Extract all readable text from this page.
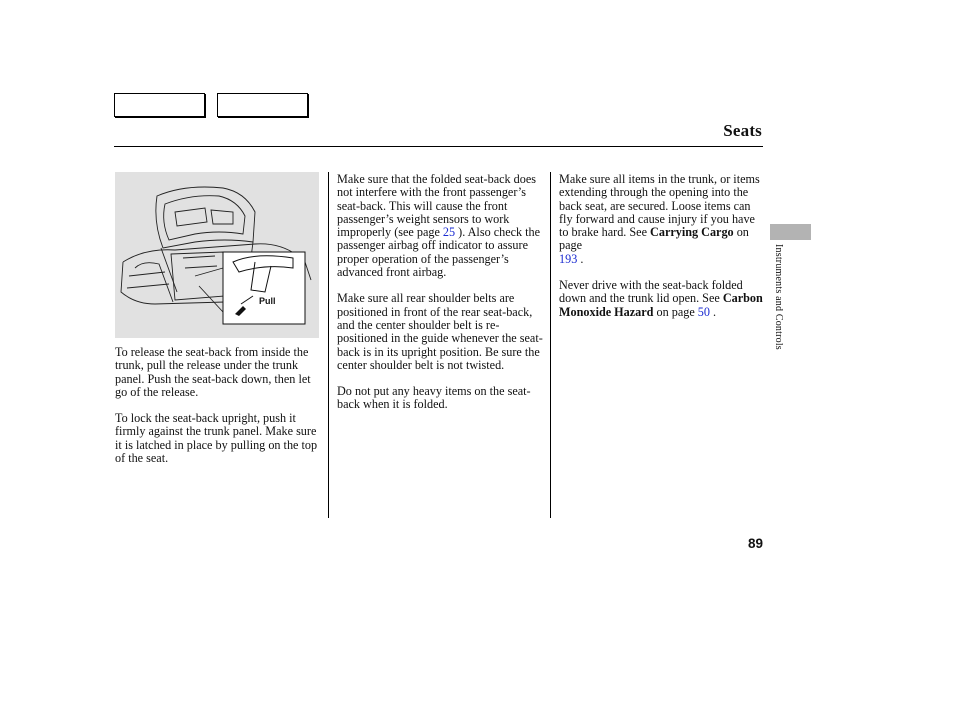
Seats
Pull

To release the seat-back from inside the trunk, pull the release under the trunk panel. Push the seat-back down, then let go of the release.

To lock the seat-back upright, push it firmly against the trunk panel. Make sure it is latched in place by pulling on the top of the seat.

Make sure that the folded seat-back does not interfere with the front passenger’s seat-back. This will cause the front passenger’s weight sensors to work improperly (see page 25 ). Also check the passenger airbag off indicator to assure proper operation of the passenger’s advanced front airbag.

Make sure all rear shoulder belts are positioned in front of the rear seat-back, and the center shoulder belt is re-positioned in the guide whenever the seat-back is in its upright position. Be sure the center shoulder belt is not twisted.

Do not put any heavy items on the seat-back when it is folded.

Make sure all items in the trunk, or items extending through the opening into the back seat, are secured. Loose items can fly forward and cause injury if you have to brake hard. See Carrying Cargo on page
193 .

Never drive with the seat-back folded down and the trunk lid open. See Carbon Monoxide Hazard on page 50 .	Instruments and Controls
89
